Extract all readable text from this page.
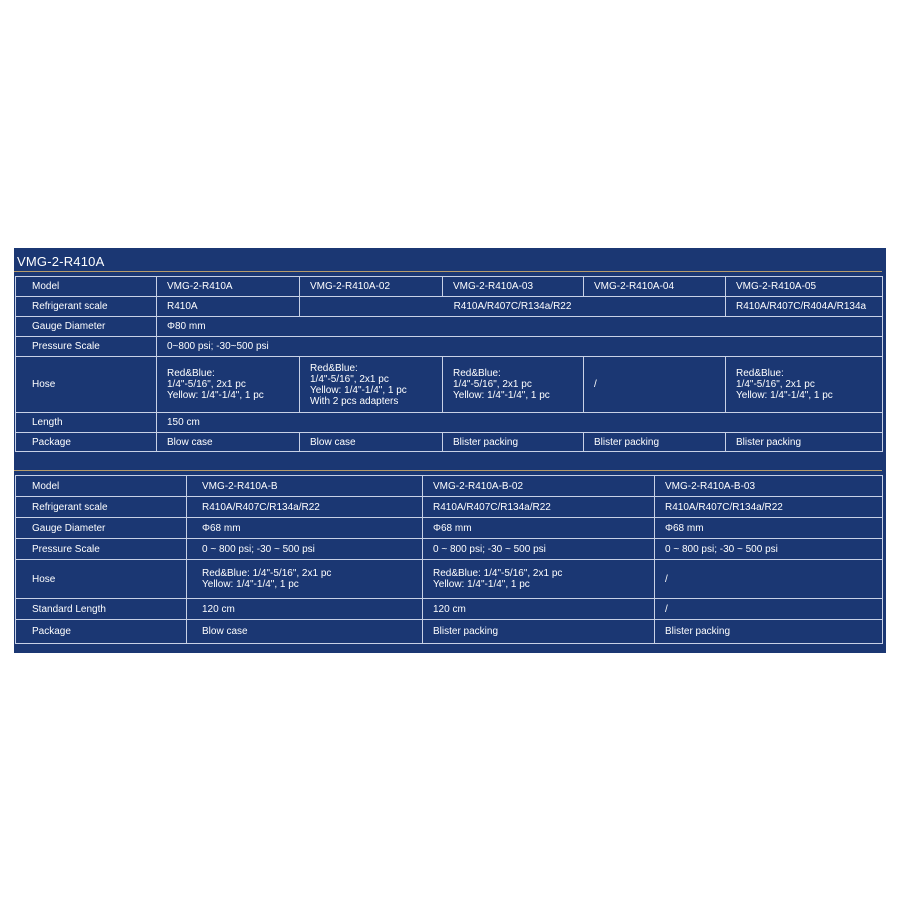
VMG-2-R410A
Model	VMG-2-R410A	VMG-2-R410A-02	VMG-2-R410A-03	VMG-2-R410A-04	VMG-2-R410A-05
Refrigerant scale	R410A	R410A/R407C/R134a/R22			R410A/R407C/R404A/R134a
Gauge Diameter	Φ80 mm				
Pressure Scale	0~800 psi; -30~500 psi				
Hose	Red&Blue:
1/4"-5/16", 2x1 pc
Yellow: 1/4"-1/4", 1 pc	Red&Blue:
1/4"-5/16", 2x1 pc
Yellow: 1/4"-1/4", 1 pc
With 2 pcs adapters	Red&Blue:
1/4"-5/16", 2x1 pc
Yellow: 1/4"-1/4", 1 pc	/	Red&Blue:
1/4"-5/16", 2x1 pc
Yellow: 1/4"-1/4", 1 pc

Length	150 cm				
Package	Blow case	Blow case	Blister packing	Blister packing	Blister packing
Model	VMG-2-R410A-B	VMG-2-R410A-B-02	VMG-2-R410A-B-03
Refrigerant scale	R410A/R407C/R134a/R22	R410A/R407C/R134a/R22	R410A/R407C/R134a/R22
Gauge Diameter	Φ68 mm	Φ68 mm	Φ68 mm
Pressure Scale	0 ~ 800 psi; -30 ~ 500 psi	0 ~ 800 psi; -30 ~ 500 psi	0 ~ 800 psi; -30 ~ 500 psi
Hose	Red&Blue: 1/4"-5/16", 2x1 pc
Yellow: 1/4"-1/4", 1 pc	Red&Blue: 1/4"-5/16", 2x1 pc
Yellow: 1/4"-1/4", 1 pc	/

Standard Length	120 cm	120 cm	/
Package	Blow case	Blister packing	Blister packing
